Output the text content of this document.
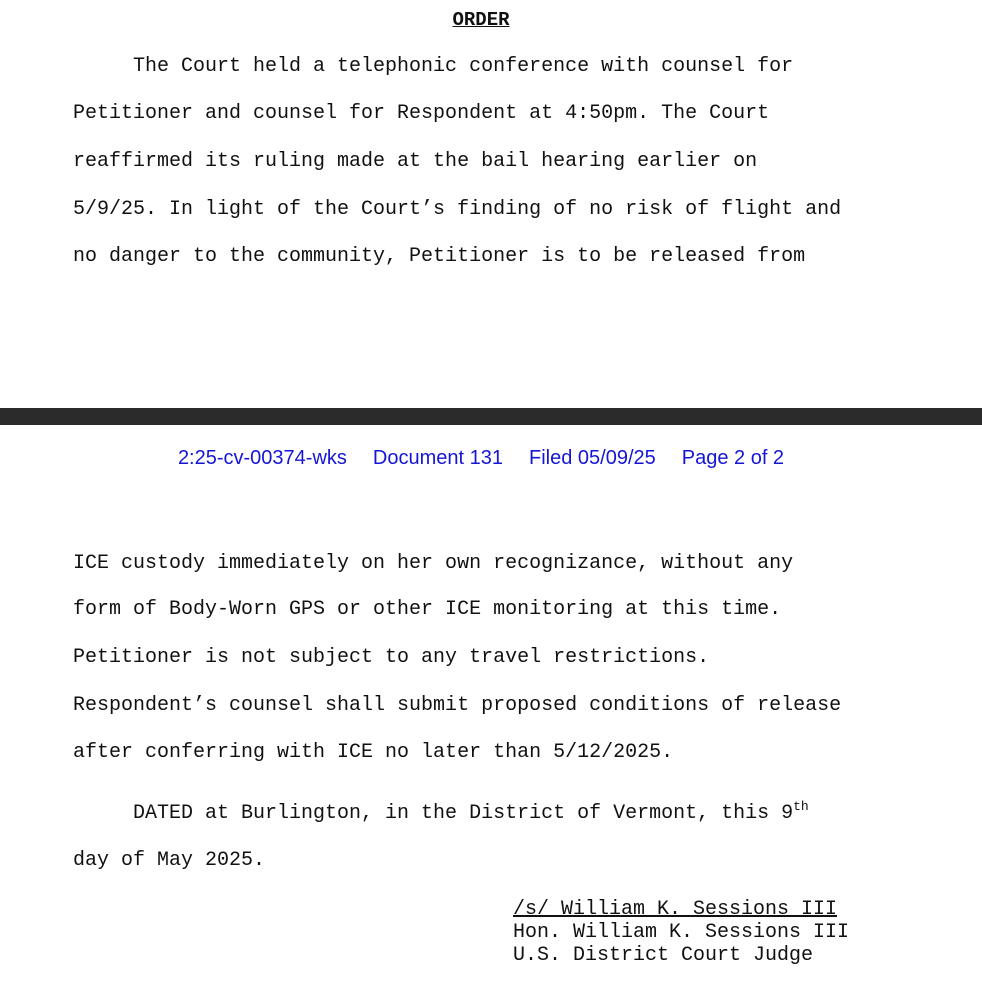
ORDER
The Court held a telephonic conference with counsel for
Petitioner and counsel for Respondent at 4:50pm. The Court
reaffirmed its ruling made at the bail hearing earlier on
5/9/25. In light of the Court’s finding of no risk of flight and
no danger to the community, Petitioner is to be released from
2:25-cv-00374-wks Document 131 Filed 05/09/25 Page 2 of 2
ICE custody immediately on her own recognizance, without any
form of Body-Worn GPS or other ICE monitoring at this time.
Petitioner is not subject to any travel restrictions.
Respondent’s counsel shall submit proposed conditions of release
after conferring with ICE no later than 5/12/2025.
DATED at Burlington, in the District of Vermont, this 9th
day of May 2025.
/s/ William K. Sessions III
Hon. William K. Sessions III
U.S. District Court Judge
